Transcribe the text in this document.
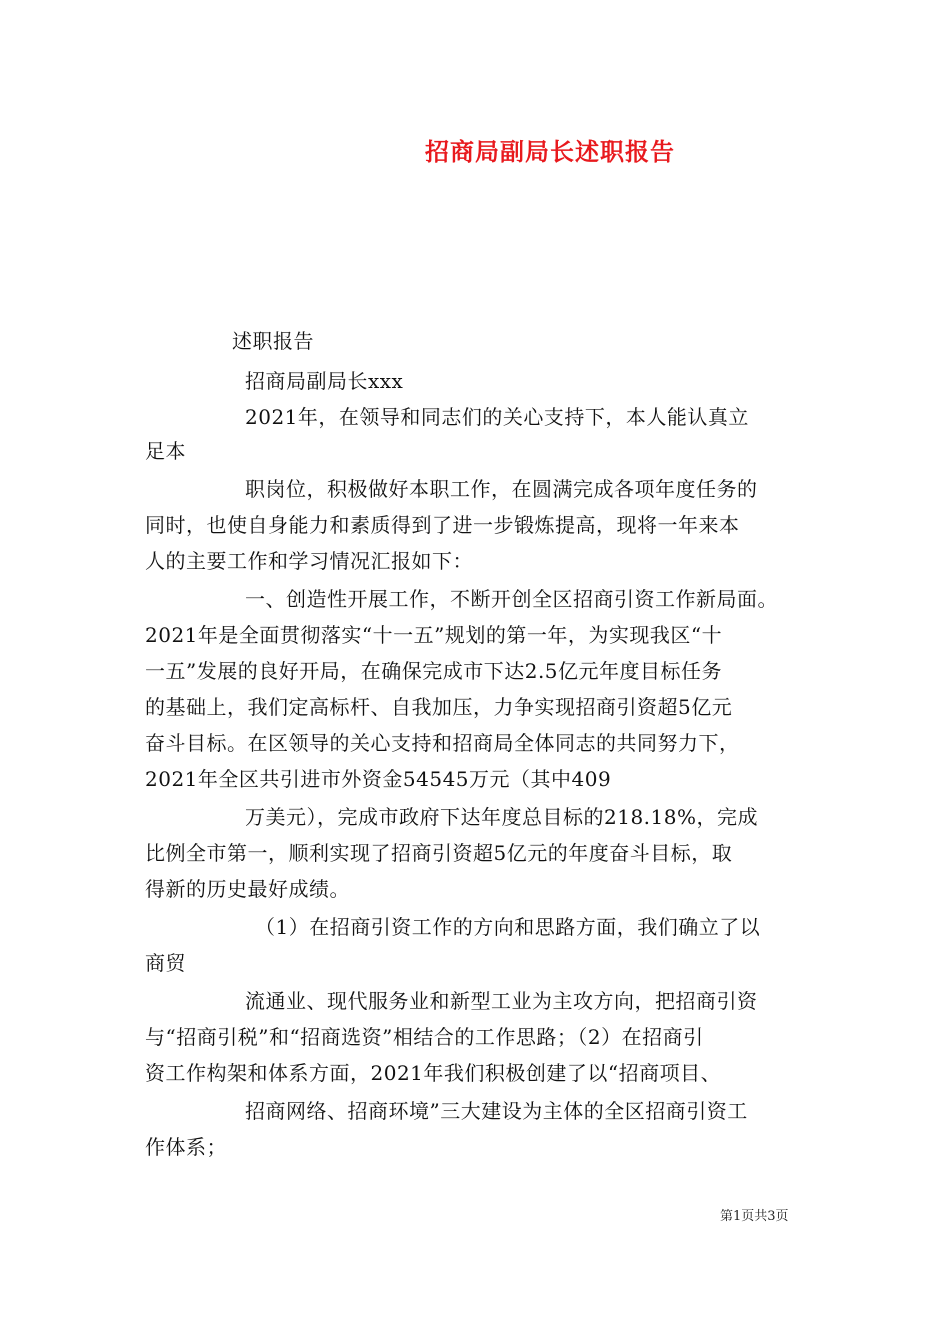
招商局副局长述职报告
述职报告
招商局副局长xxx
2021年，在领导和同志们的关心支持下，本人能认真立
足本
职岗位，积极做好本职工作，在圆满完成各项年度任务的
同时，也使自身能力和素质得到了进一步锻炼提高，现将一年来本
人的主要工作和学习情况汇报如下：
一、创造性开展工作，不断开创全区招商引资工作新局面。
2021年是全面贯彻落实“十一五”规划的第一年，为实现我区“十
一五”发展的良好开局，在确保完成市下达2.5亿元年度目标任务
的基础上，我们定高标杆、自我加压，力争实现招商引资超5亿元
奋斗目标。在区领导的关心支持和招商局全体同志的共同努力下，
2021年全区共引进市外资金54545万元（其中409
万美元），完成市政府下达年度总目标的218.18%，完成
比例全市第一，顺利实现了招商引资超5亿元的年度奋斗目标，取
得新的历史最好成绩。
（1）在招商引资工作的方向和思路方面，我们确立了以
商贸
流通业、现代服务业和新型工业为主攻方向，把招商引资
与“招商引税”和“招商选资”相结合的工作思路；（2）在招商引
资工作构架和体系方面，2021年我们积极创建了以“招商项目、
招商网络、招商环境”三大建设为主体的全区招商引资工
作体系；
第1页共3页
